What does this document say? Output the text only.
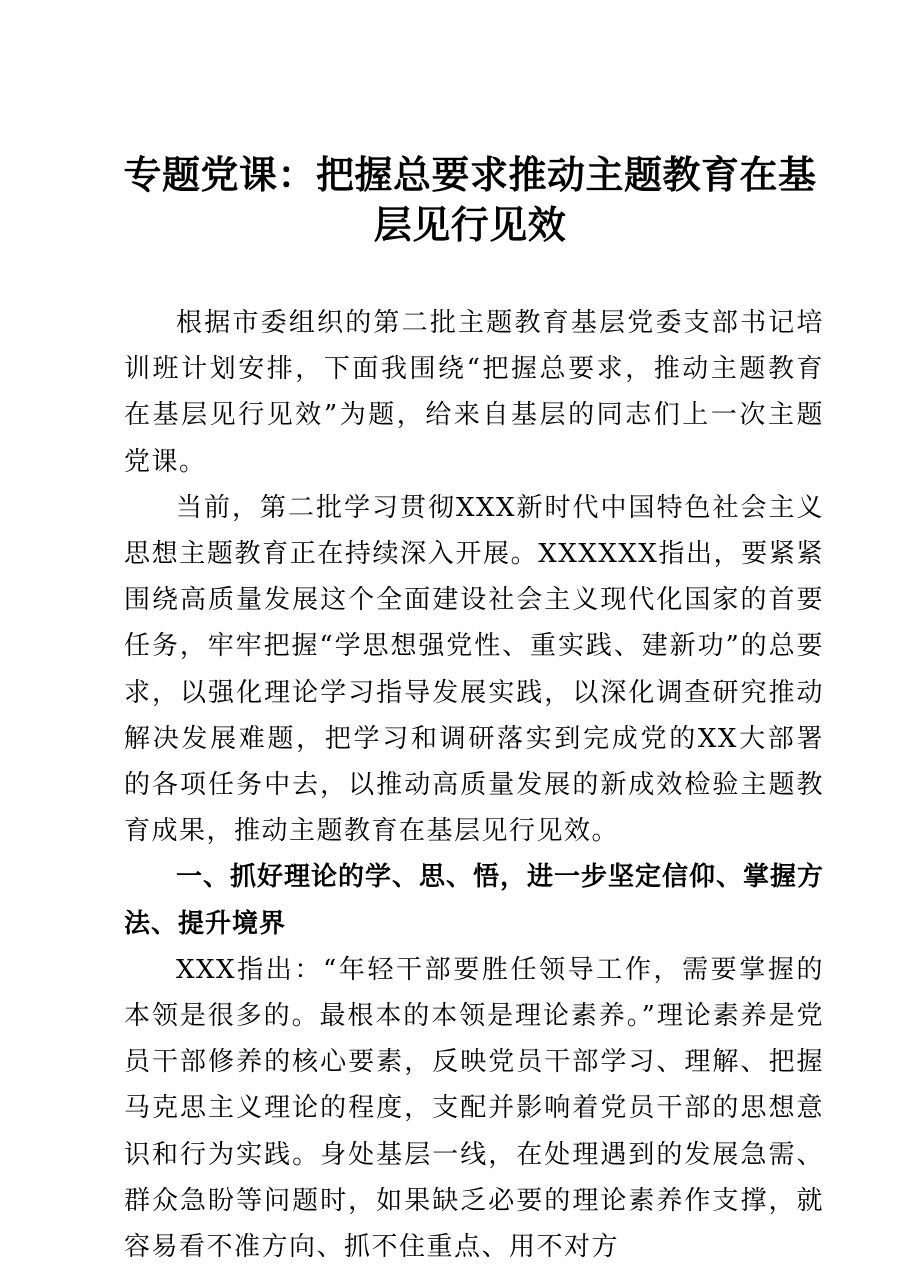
专题党课：把握总要求推动主题教育在基层见行见效

根据市委组织的第二批主题教育基层党委支部书记培训班计划安排，下面我围绕“把握总要求，推动主题教育在基层见行见效”为题，给来自基层的同志们上一次主题党课。

当前，第二批学习贯彻XXX新时代中国特色社会主义思想主题教育正在持续深入开展。XXXXXX指出，要紧紧围绕高质量发展这个全面建设社会主义现代化国家的首要任务，牢牢把握“学思想强党性、重实践、建新功”的总要求，以强化理论学习指导发展实践，以深化调查研究推动解决发展难题，把学习和调研落实到完成党的XX大部署的各项任务中去，以推动高质量发展的新成效检验主题教育成果，推动主题教育在基层见行见效。

一、抓好理论的学、思、悟，进一步坚定信仰、掌握方法、提升境界

XXX指出：“年轻干部要胜任领导工作，需要掌握的本领是很多的。最根本的本领是理论素养。”理论素养是党员干部修养的核心要素，反映党员干部学习、理解、把握马克思主义理论的程度，支配并影响着党员干部的思想意识和行为实践。身处基层一线，在处理遇到的发展急需、群众急盼等问题时，如果缺乏必要的理论素养作支撑，就容易看不准方向、抓不住重点、用不对方
